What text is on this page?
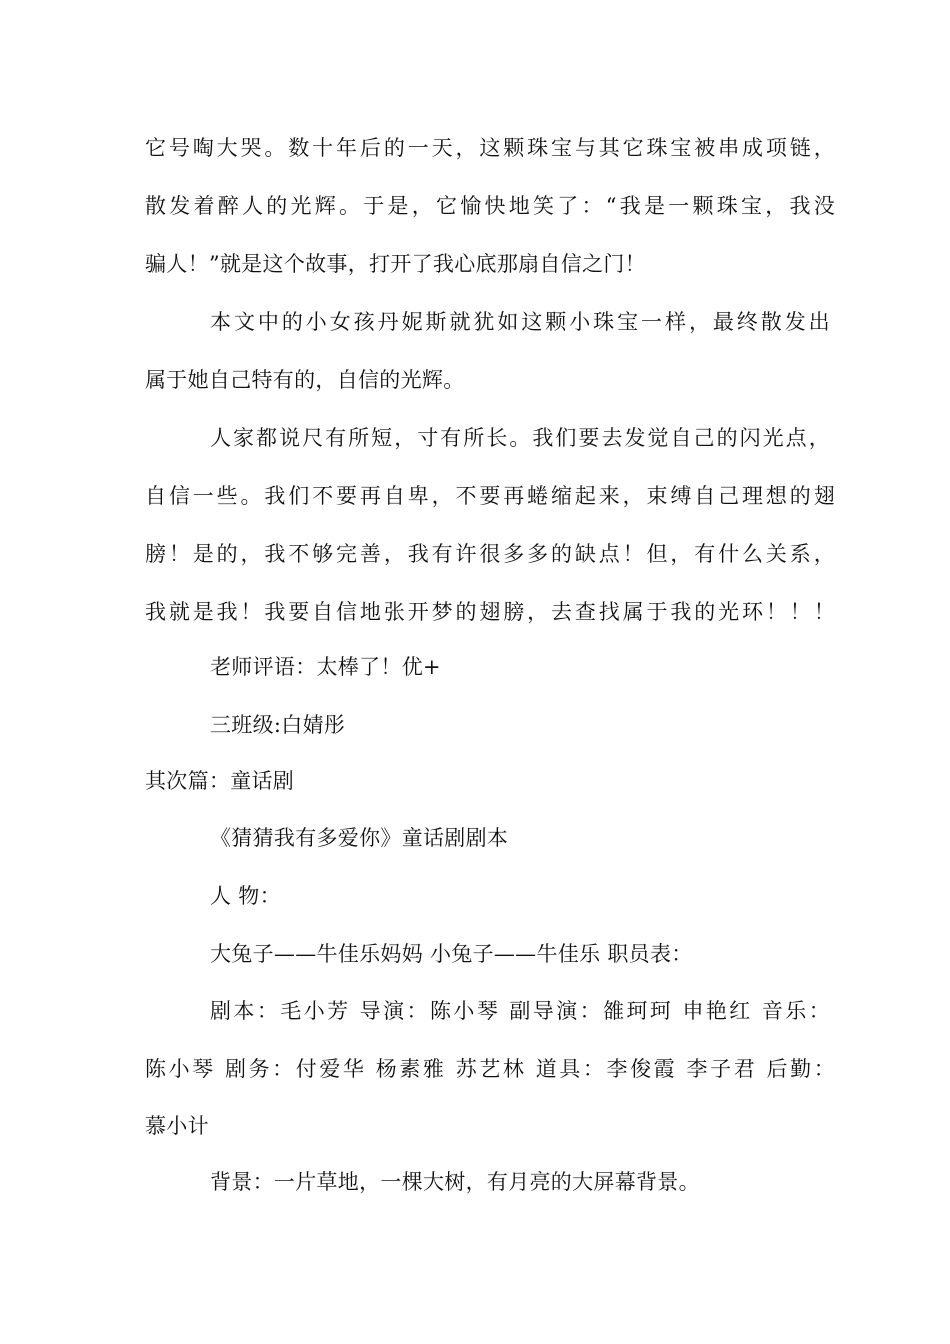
它号啕大哭。数十年后的一天，这颗珠宝与其它珠宝被串成项链，
散发着醉人的光辉。于是，它愉快地笑了：“我是一颗珠宝，我没
骗人！”就是这个故事，打开了我心底那扇自信之门！
本文中的小女孩丹妮斯就犹如这颗小珠宝一样，最终散发出
属于她自己特有的，自信的光辉。
人家都说尺有所短，寸有所长。我们要去发觉自己的闪光点，
自信一些。我们不要再自卑，不要再蜷缩起来，束缚自己理想的翅
膀！是的，我不够完善，我有许很多多的缺点！但，有什么关系，
我就是我！我要自信地张开梦的翅膀，去查找属于我的光环！！！
老师评语：太棒了！优+
三班级:白婧彤
其次篇：童话剧
《猜猜我有多爱你》童话剧剧本
人 物：
大兔子——牛佳乐妈妈 小兔子——牛佳乐 职员表：
剧本：毛小芳 导演：陈小琴 副导演：雒珂珂 申艳红 音乐：
陈小琴 剧务：付爱华 杨素雅 苏艺林 道具：李俊霞 李子君 后勤：
慕小计
背景：一片草地，一棵大树，有月亮的大屏幕背景。
